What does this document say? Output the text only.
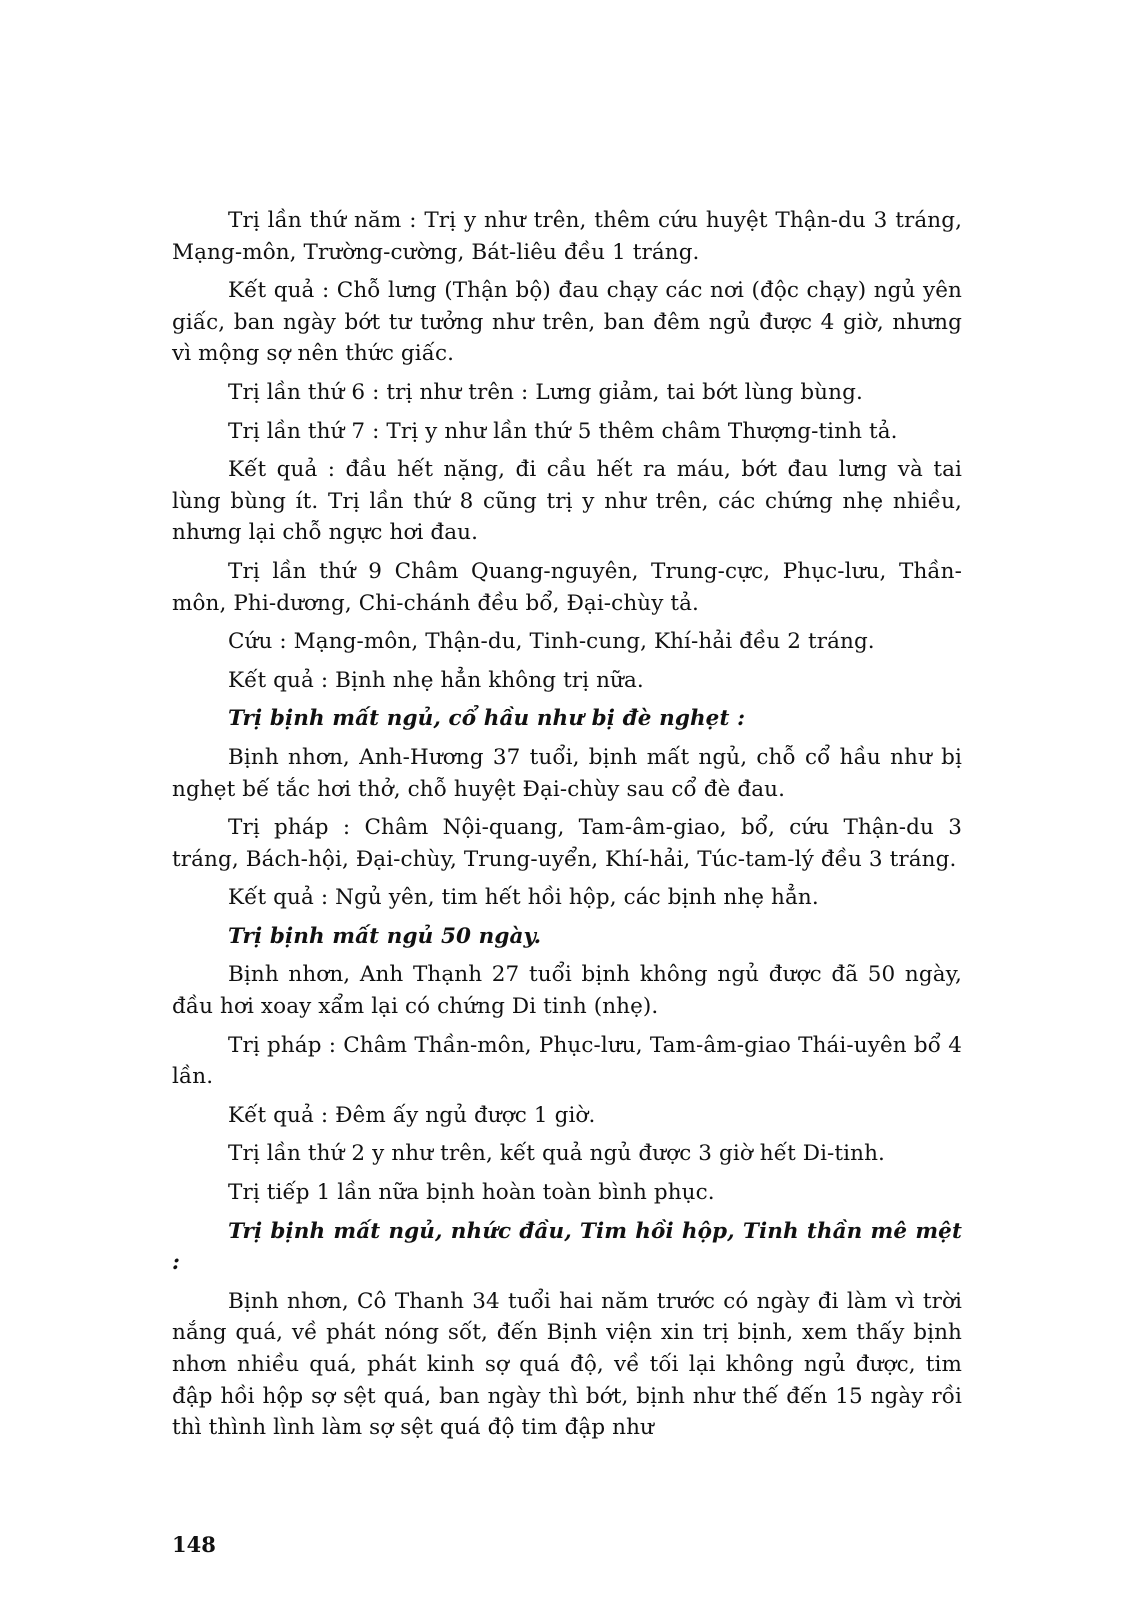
Trị lần thứ năm : Trị y như trên, thêm cứu huyệt Thận-du 3 tráng, Mạng-môn, Trường-cường, Bát-liêu đều 1 tráng.

Kết quả : Chỗ lưng (Thận bộ) đau chạy các nơi (độc chạy) ngủ yên giấc, ban ngày bớt tư tưởng như trên, ban đêm ngủ được 4 giờ, nhưng vì mộng sợ nên thức giấc.

Trị lần thứ 6 : trị như trên : Lưng giảm, tai bớt lùng bùng.

Trị lần thứ 7 : Trị y như lần thứ 5 thêm châm Thượng-tinh tả.

Kết quả : đầu hết nặng, đi cầu hết ra máu, bớt đau lưng và tai lùng bùng ít. Trị lần thứ 8 cũng trị y như trên, các chứng nhẹ nhiều, nhưng lại chỗ ngực hơi đau.

Trị lần thứ 9 Châm Quang-nguyên, Trung-cực, Phục-lưu, Thần-môn, Phi-dương, Chi-chánh đều bổ, Đại-chùy tả.

Cứu : Mạng-môn, Thận-du, Tinh-cung, Khí-hải đều 2 tráng.

Kết quả : Bịnh nhẹ hẳn không trị nữa.

Trị bịnh mất ngủ, cổ hầu như bị đè nghẹt :

Bịnh nhơn, Anh-Hương 37 tuổi, bịnh mất ngủ, chỗ cổ hầu như bị nghẹt bế tắc hơi thở, chỗ huyệt Đại-chùy sau cổ đè đau.

Trị pháp : Châm Nội-quang, Tam-âm-giao, bổ, cứu Thận-du 3 tráng, Bách-hội, Đại-chùy, Trung-uyển, Khí-hải, Túc-tam-lý đều 3 tráng.

Kết quả : Ngủ yên, tim hết hồi hộp, các bịnh nhẹ hẳn.

Trị bịnh mất ngủ 50 ngày.

Bịnh nhơn, Anh Thạnh 27 tuổi bịnh không ngủ được đã 50 ngày, đầu hơi xoay xẩm lại có chứng Di tinh (nhẹ).

Trị pháp : Châm Thần-môn, Phục-lưu, Tam-âm-giao Thái-uyên bổ 4 lần.

Kết quả : Đêm ấy ngủ được 1 giờ.

Trị lần thứ 2 y như trên, kết quả ngủ được 3 giờ hết Di-tinh.

Trị tiếp 1 lần nữa bịnh hoàn toàn bình phục.

Trị bịnh mất ngủ, nhức đầu, Tim hồi hộp, Tinh thần mê mệt :

Bịnh nhơn, Cô Thanh 34 tuổi hai năm trước có ngày đi làm vì trời nắng quá, về phát nóng sốt, đến Bịnh viện xin trị bịnh, xem thấy bịnh nhơn nhiều quá, phát kinh sợ quá độ, về tối lại không ngủ được, tim đập hồi hộp sợ sệt quá, ban ngày thì bớt, bịnh như thế đến 15 ngày rồi thì thình lình làm sợ sệt quá độ tim đập như

148
